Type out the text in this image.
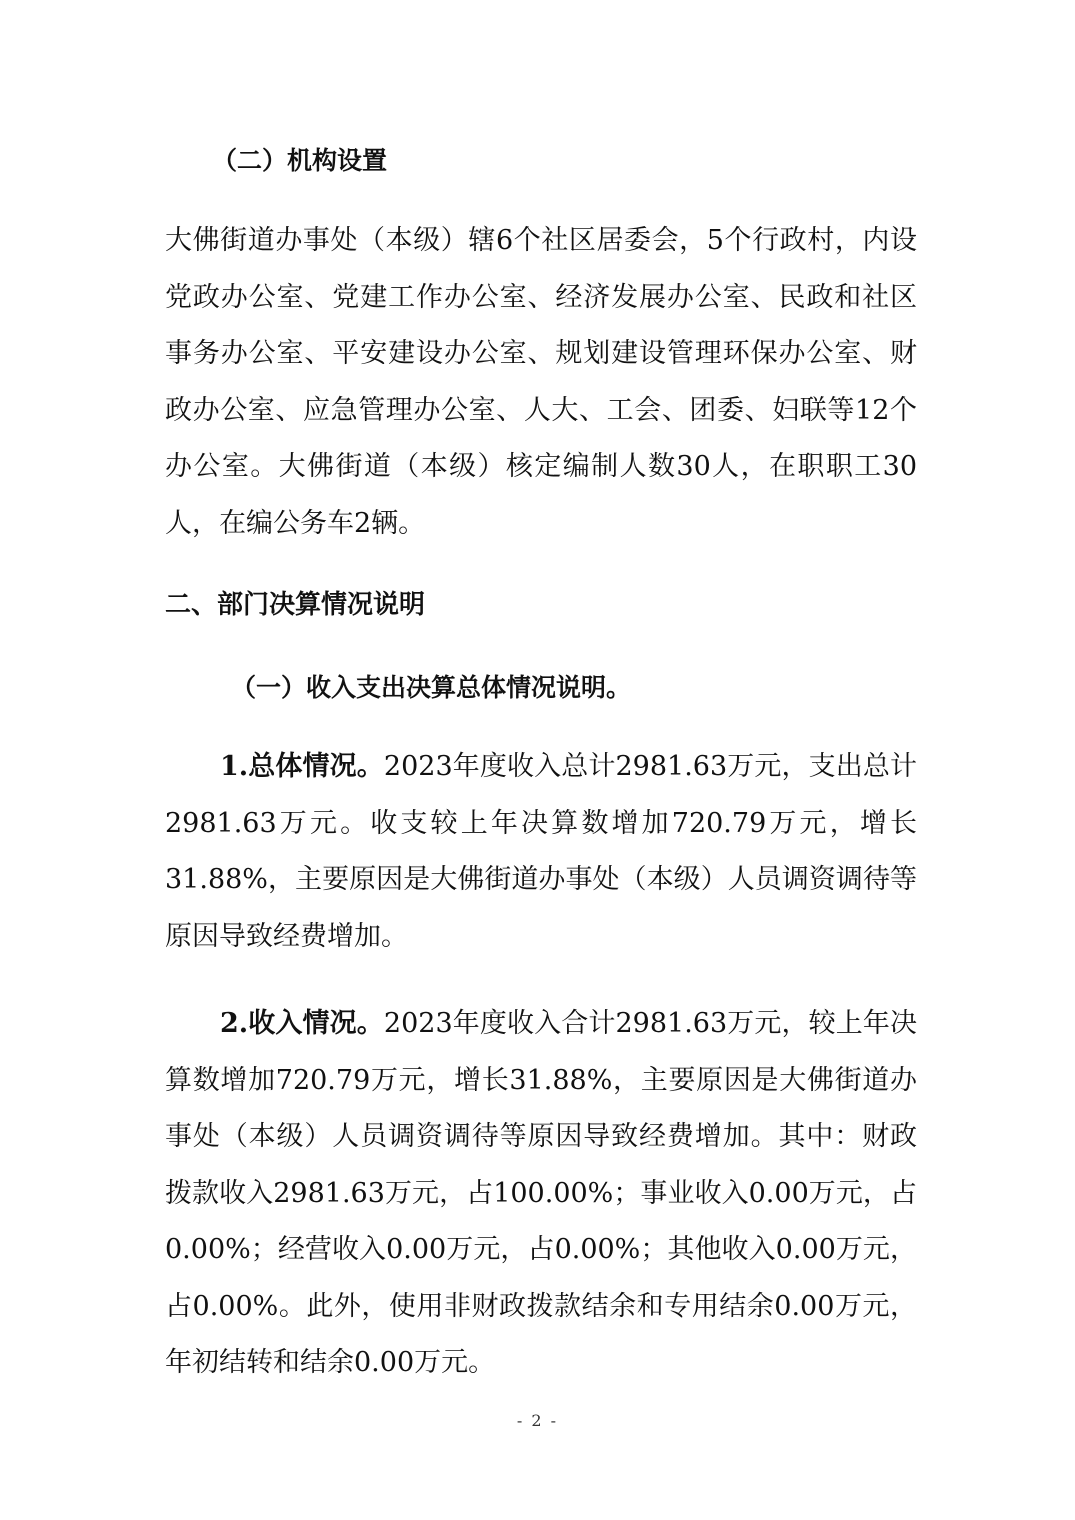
（二）机构设置

大佛街道办事处（本级）辖6个社区居委会，5个行政村，内设党政办公室、党建工作办公室、经济发展办公室、民政和社区事务办公室、平安建设办公室、规划建设管理环保办公室、财政办公室、应急管理办公室、人大、工会、团委、妇联等12个办公室。大佛街道（本级）核定编制人数30人，在职职工30人，在编公务车2辆。

二、部门决算情况说明
（一）收入支出决算总体情况说明。

1.总体情况。2023年度收入总计2981.63万元，支出总计2981.63万元。收支较上年决算数增加720.79万元，增长31.88%，主要原因是大佛街道办事处（本级）人员调资调待等原因导致经费增加。

2.收入情况。2023年度收入合计2981.63万元，较上年决算数增加720.79万元，增长31.88%，主要原因是大佛街道办事处（本级）人员调资调待等原因导致经费增加。其中：财政拨款收入2981.63万元，占100.00%；事业收入0.00万元，占0.00%；经营收入0.00万元，占0.00%；其他收入0.00万元，占0.00%。此外，使用非财政拨款结余和专用结余0.00万元，年初结转和结余0.00万元。

- 2 -
